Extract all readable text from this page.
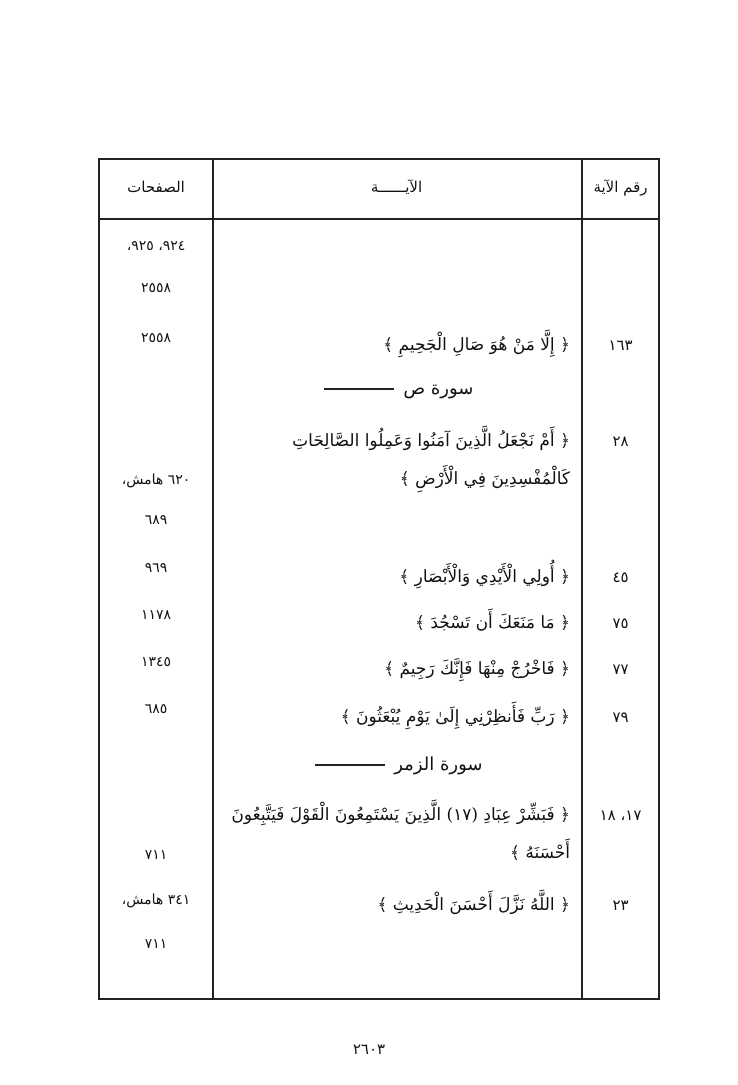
الصفحات	الآيــــــة	رقم الآية
٩٢٤، ٩٢٥،
٢٥٥٨
٢٥٥٨
٦٢٠ هامش،
٦٨٩
٩٦٩
١١٧٨
١٣٤٥
٦٨٥
٧١١
٣٤١ هامش،
٧١١
١٦٣
﴿ إِلَّا مَنْ هُوَ صَالِ الْجَحِيمِ ﴾
سورة ص
٢٨
﴿ أَمْ نَجْعَلُ الَّذِينَ آمَنُوا وَعَمِلُوا الصَّالِحَاتِ كَالْمُفْسِدِينَ فِي الْأَرْضِ ﴾
٤٥
﴿ أُولِي الْأَيْدِي وَالْأَبْصَارِ ﴾
٧٥
﴿ مَا مَنَعَكَ أَن تَسْجُدَ ﴾
٧٧
﴿ فَاخْرُجْ مِنْهَا فَإِنَّكَ رَجِيمٌ ﴾
٧٩
﴿ رَبِّ فَأَنظِرْنِي إِلَىٰ يَوْمِ يُبْعَثُونَ ﴾
سورة الزمر
١٧، ١٨
﴿ فَبَشِّرْ عِبَادِ (١٧) الَّذِينَ يَسْتَمِعُونَ الْقَوْلَ فَيَتَّبِعُونَ أَحْسَنَهُ ﴾
٢٣
﴿ اللَّهُ نَزَّلَ أَحْسَنَ الْحَدِيثِ ﴾
٢٦٠٣
